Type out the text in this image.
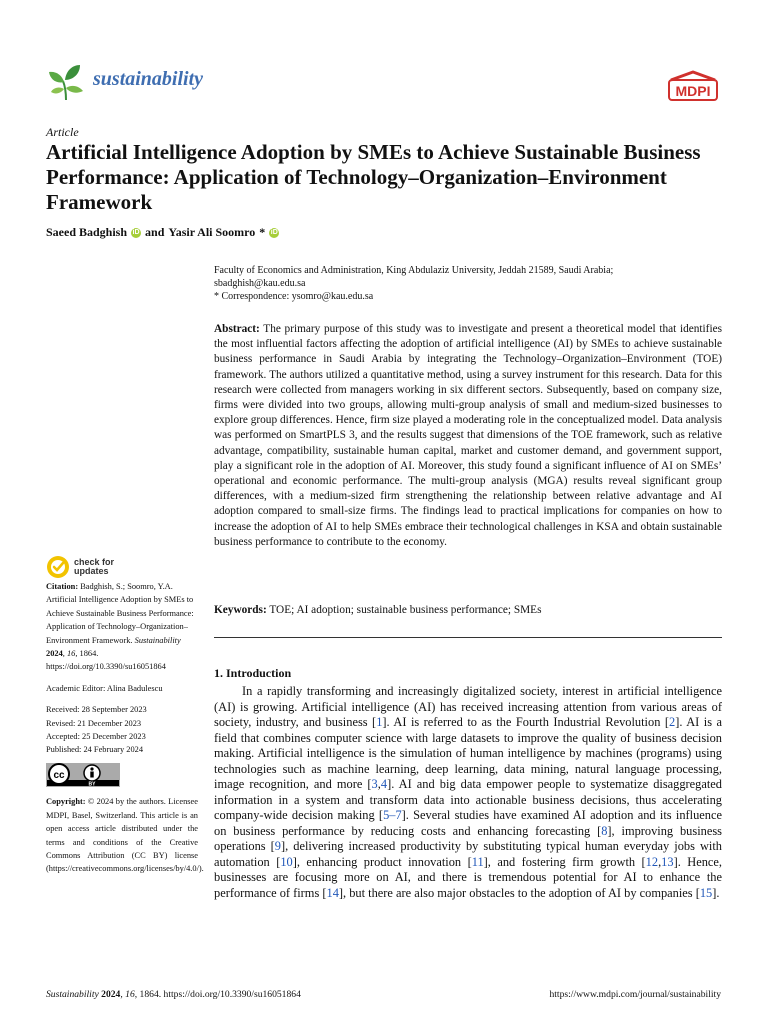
sustainability
MDPI
Article
Artificial Intelligence Adoption by SMEs to Achieve Sustainable Business Performance: Application of Technology–Organization–Environment Framework
Saeed Badghish iD and Yasir Ali Soomro * iD
Faculty of Economics and Administration, King Abdulaziz University, Jeddah 21589, Saudi Arabia;
sbadghish@kau.edu.sa
* Correspondence: ysomro@kau.edu.sa
Abstract: The primary purpose of this study was to investigate and present a theoretical model that identifies the most influential factors affecting the adoption of artificial intelligence (AI) by SMEs to achieve sustainable business performance in Saudi Arabia by integrating the Technology–Organization–Environment (TOE) framework. The authors utilized a quantitative method, using a survey instrument for this research. Data for this research were collected from managers working in six different sectors. Subsequently, based on company size, firms were divided into two groups, allowing multi-group analysis of small and medium-sized businesses to explore group differences. Hence, firm size played a moderating role in the conceptualized model. Data analysis was performed on SmartPLS 3, and the results suggest that dimensions of the TOE framework, such as relative advantage, compatibility, sustainable human capital, market and customer demand, and government support, play a significant role in the adoption of AI. Moreover, this study found a significant influence of AI on SMEs’ operational and economic performance. The multi-group analysis (MGA) results reveal significant group differences, with a medium-sized firm strengthening the relationship between relative advantage and AI adoption compared to small-size firms. The findings lead to practical implications for companies on how to increase the adoption of AI to help SMEs embrace their technological challenges in KSA and obtain sustainable business performance to contribute to the economy.
Keywords: TOE; AI adoption; sustainable business performance; SMEs
1. Introduction
In a rapidly transforming and increasingly digitalized society, interest in artificial intelligence (AI) is growing. Artificial intelligence (AI) has received increasing attention from various areas of society, industry, and business [1]. AI is referred to as the Fourth Industrial Revolution [2]. AI is a field that combines computer science with large datasets to improve the quality of business decision making. Artificial intelligence is the simulation of human intelligence by machines (programs) using technologies such as machine learning, deep learning, data mining, natural language processing, image recognition, and more [3,4]. AI and big data empower people to systematize disaggregated information in a system and transform data into actionable business decisions, thus accelerating company-wide decision making [5–7]. Several studies have examined AI adoption and its influence on business performance by reducing costs and enhancing forecasting [8], improving business operations [9], delivering increased productivity by substituting typical human everyday jobs with automation [10], enhancing product innovation [11], and fostering firm growth [12,13]. Hence, businesses are focusing more on AI, and there is tremendous potential for AI to enhance the performance of firms [14], but there are also major obstacles to the adoption of AI by companies [15].
check for
updates

Citation: Badghish, S.; Soomro, Y.A. Artificial Intelligence Adoption by SMEs to Achieve Sustainable Business Performance: Application of Technology–Organization–Environment Framework. Sustainability 2024, 16, 1864. https://doi.org/10.3390/su16051864

Academic Editor: Alina Badulescu

Received: 28 September 2023

Revised: 21 December 2023

Accepted: 25 December 2023

Published: 24 February 2024

cc
BY

Copyright: © 2024 by the authors. Licensee MDPI, Basel, Switzerland. This article is an open access article distributed under the terms and conditions of the Creative Commons Attribution (CC BY) license (https://creativecommons.org/licenses/by/4.0/).

Sustainability 2024, 16, 1864. https://doi.org/10.3390/su16051864	https://www.mdpi.com/journal/sustainability
